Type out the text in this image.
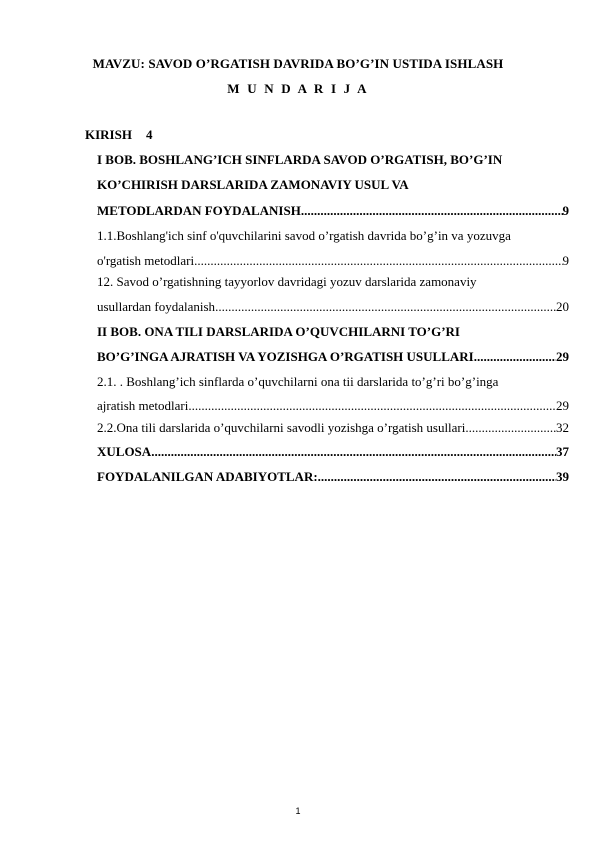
MAVZU: SAVOD O’RGATISH DAVRIDA BO’G’IN USTIDA ISHLASH
M U N D A R I J A
KIRISH 4
I BOB. BOSHLANG’ICH SINFLARDA SAVOD O’RGATISH, BO’G’IN
KO’CHIRISH DARSLARIDA ZAMONAVIY USUL VA
METODLARDAN FOYDALANISH .....	9
1.1.Boshlang'ich sinf o'quvchilarini savod o’rgatish davrida bo’g’in va yozuvga
o'rgatish metodlari .....	9
12. Savod o’rgatishning tayyorlov davridagi yozuv darslarida zamonaviy
usullardan foydalanish .....	20
II BOB. ONA TILI DARSLARIDA O’QUVCHILARNI TO’G’RI
BO’G’INGA AJRATISH VA YOZISHGA O’RGATISH USULLARI .....	29
2.1. . Boshlang’ich sinflarda o’quvchilarni ona tii darslarida to’g’ri bo’g’inga
ajratish metodlari .....	29
2.2.Ona tili darslarida o’quvchilarni savodli yozishga o’rgatish usullari .....	32
XULOSA .....	37
FOYDALANILGAN ADABIYOTLAR: .....	39
1
